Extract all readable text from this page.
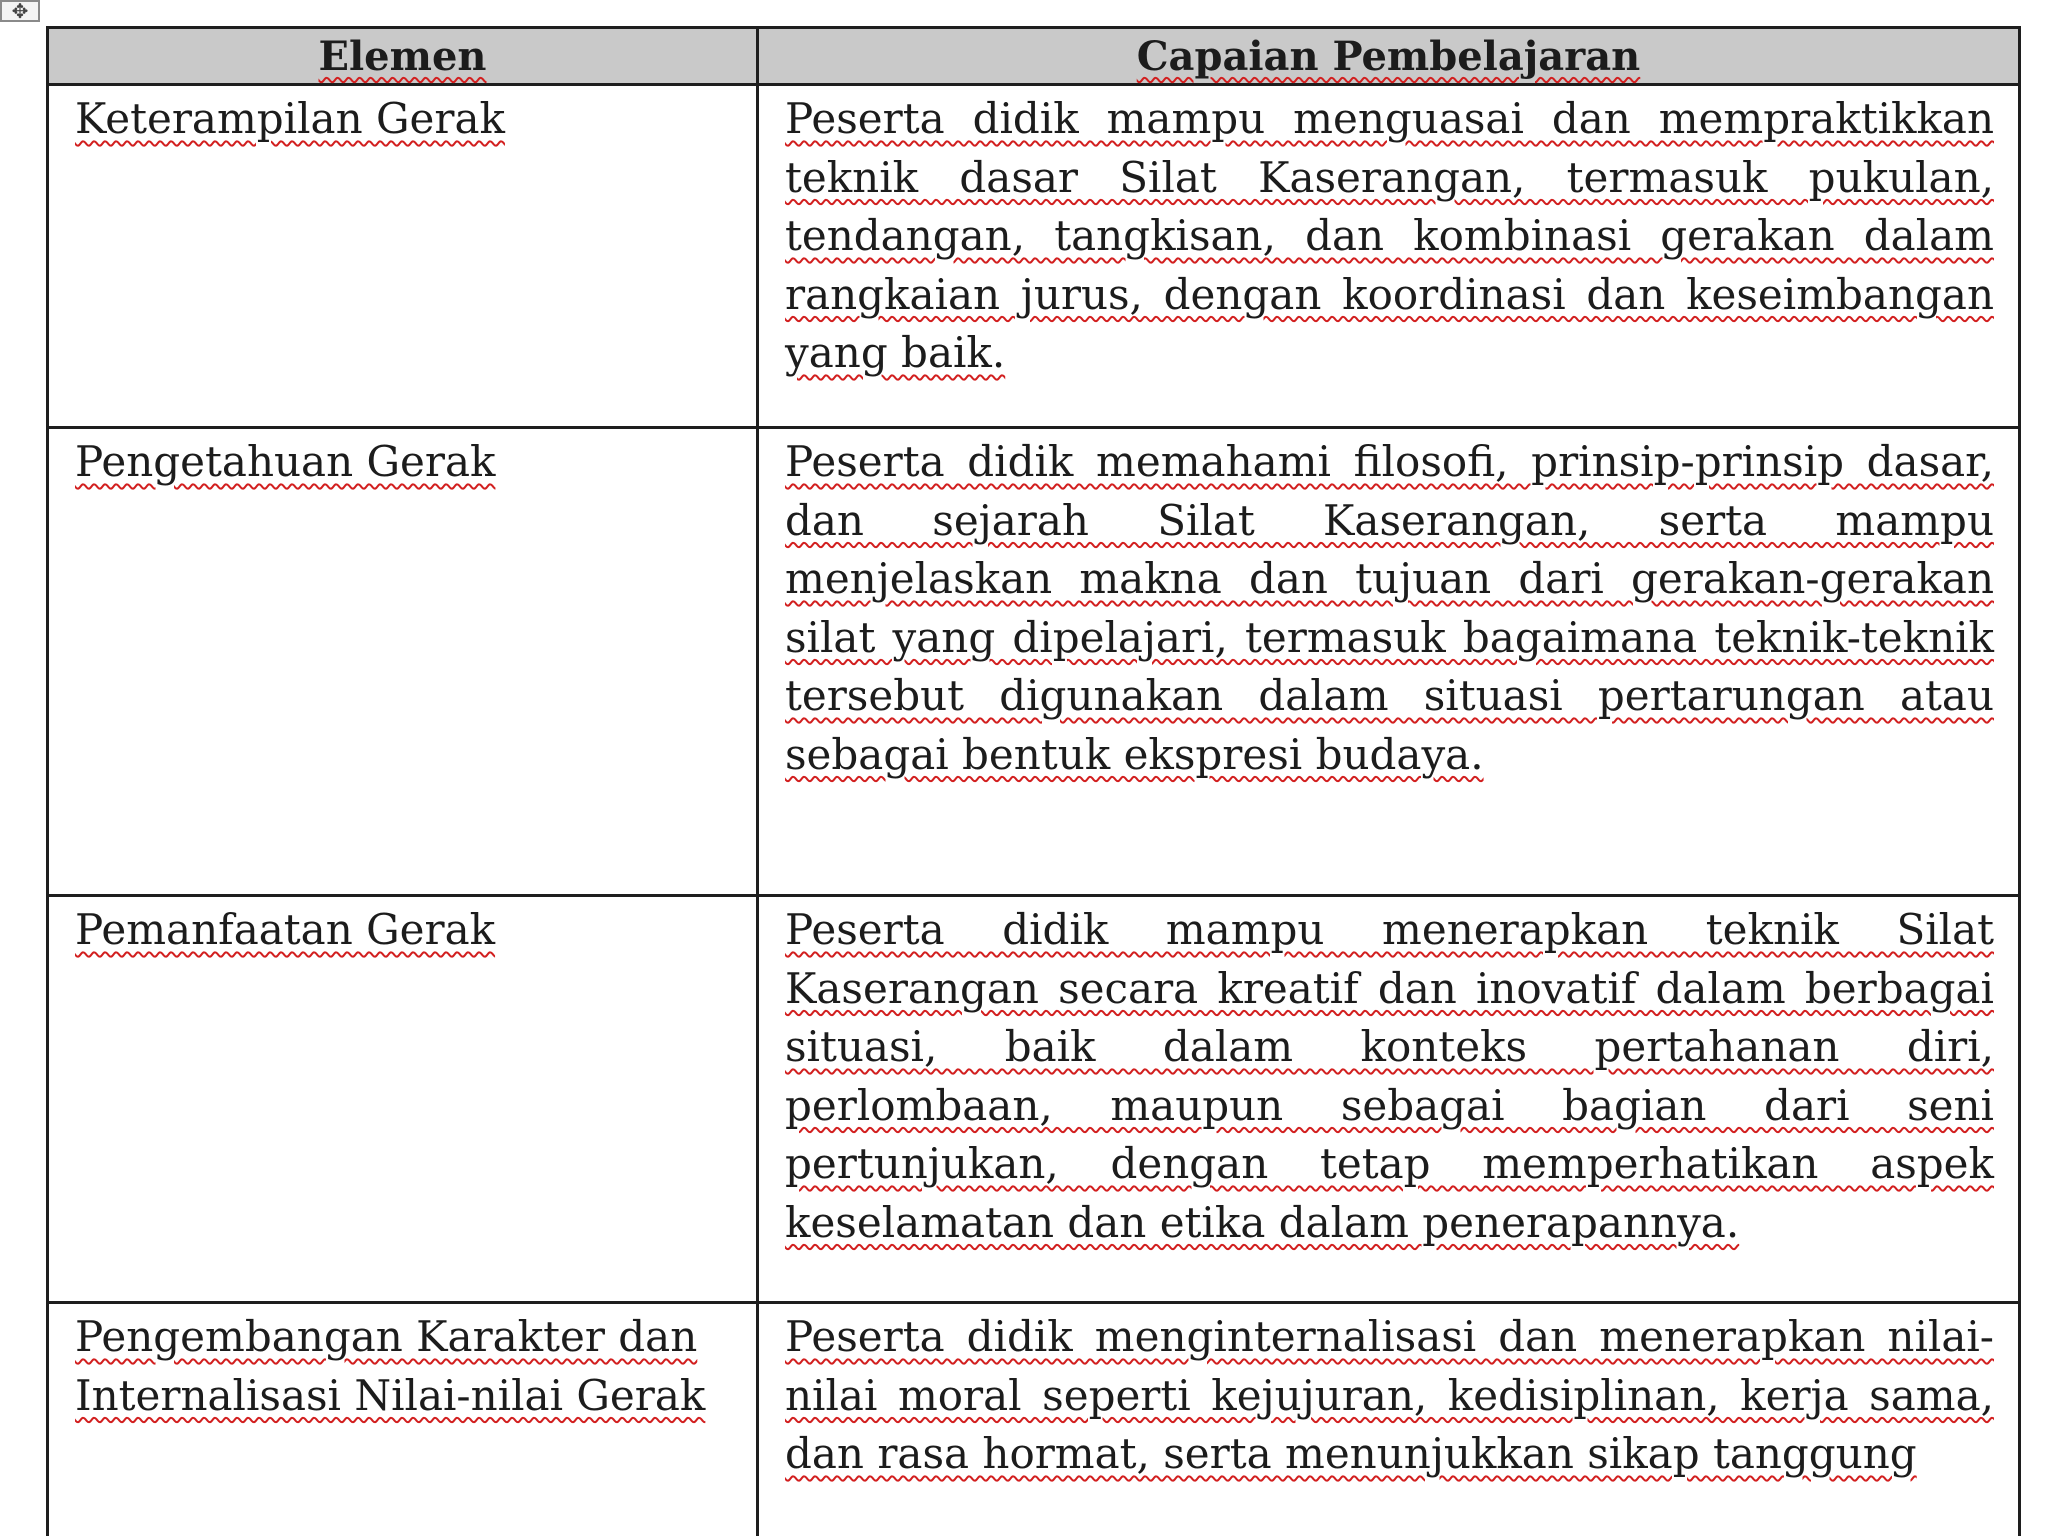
✥
Elemen	Capaian Pembelajaran
Keterampilan Gerak	Peserta didik mampu menguasai dan mempraktikkan teknik dasar Silat Kaserangan, termasuk pukulan, tendangan, tangkisan, dan kombinasi gerakan dalam rangkaian jurus, dengan koordinasi dan keseimbangan yang baik.
Pengetahuan Gerak	Peserta didik memahami filosofi, prinsip-prinsip dasar, dan sejarah Silat Kaserangan, serta mampu menjelaskan makna dan tujuan dari gerakan-gerakan silat yang dipelajari, termasuk bagaimana teknik-teknik tersebut digunakan dalam situasi pertarungan atau sebagai bentuk ekspresi budaya.
Pemanfaatan Gerak	Peserta didik mampu menerapkan teknik Silat Kaserangan secara kreatif dan inovatif dalam berbagai situasi, baik dalam konteks pertahanan diri, perlombaan, maupun sebagai bagian dari seni pertunjukan, dengan tetap memperhatikan aspek keselamatan dan etika dalam penerapannya.
Pengembangan Karakter dan Internalisasi Nilai-nilai Gerak	Peserta didik menginternalisasi dan menerapkan nilai-nilai moral seperti kejujuran, kedisiplinan, kerja sama, dan rasa hormat, serta menunjukkan sikap tanggung
